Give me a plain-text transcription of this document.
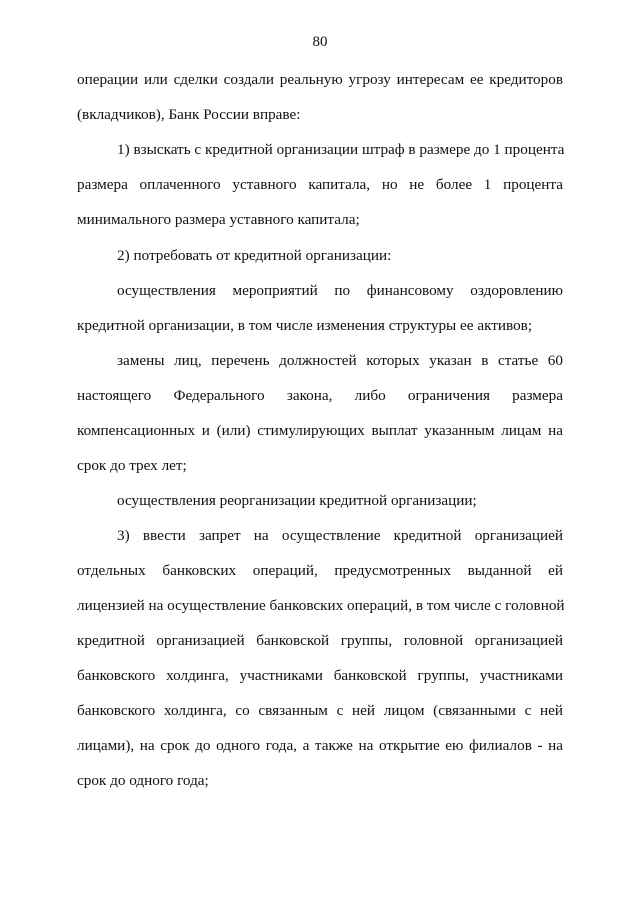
80
операции или сделки создали реальную угрозу интересам ее кредиторов
(вкладчиков), Банк России вправе:
1) взыскать с кредитной организации штраф в размере до 1 процента
размера оплаченного уставного капитала, но не более 1 процента
минимального размера уставного капитала;
2) потребовать от кредитной организации:
осуществления мероприятий по финансовому оздоровлению
кредитной организации, в том числе изменения структуры ее активов;
замены лиц, перечень должностей которых указан в статье 60
настоящего Федерального закона, либо ограничения размера
компенсационных и (или) стимулирующих выплат указанным лицам на
срок до трех лет;
осуществления реорганизации кредитной организации;
3) ввести запрет на осуществление кредитной организацией
отдельных банковских операций, предусмотренных выданной ей
лицензией на осуществление банковских операций, в том числе с головной
кредитной организацией банковской группы, головной организацией
банковского холдинга, участниками банковской группы, участниками
банковского холдинга, со связанным с ней лицом (связанными с ней
лицами), на срок до одного года, а также на открытие ею филиалов - на
срок до одного года;
